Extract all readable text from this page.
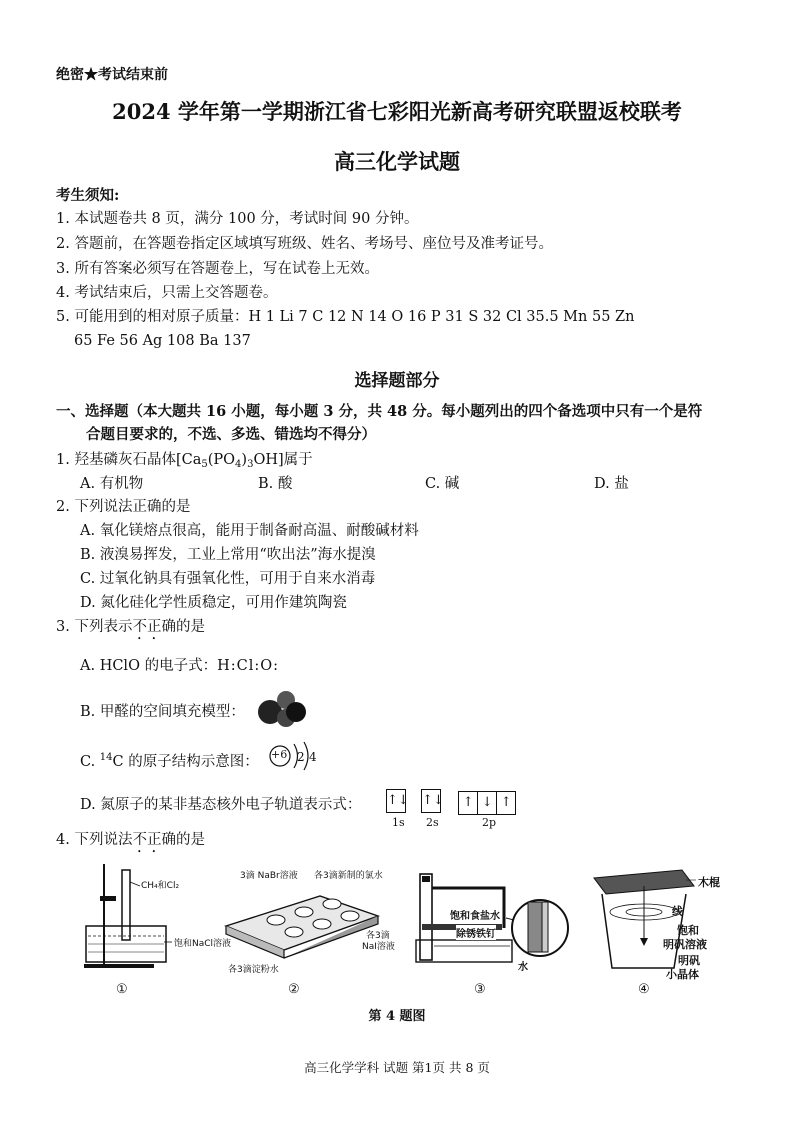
绝密★考试结束前
2024 学年第一学期浙江省七彩阳光新高考研究联盟返校联考
高三化学试题
考生须知:
1. 本试题卷共 8 页，满分 100 分，考试时间 90 分钟。
2. 答题前，在答题卷指定区域填写班级、姓名、考场号、座位号及准考证号。
3. 所有答案必须写在答题卷上，写在试卷上无效。
4. 考试结束后，只需上交答题卷。
5. 可能用到的相对原子质量：H 1 Li 7 C 12 N 14 O 16 P 31 S 32 Cl 35.5 Mn 55 Zn
65 Fe 56 Ag 108 Ba 137
选择题部分
一、选择题（本大题共 16 小题，每小题 3 分，共 48 分。每小题列出的四个备选项中只有一个是符
合题目要求的，不选、多选、错选均不得分）
1. 羟基磷灰石晶体$[Ca_5(PO_4)_3OH]$属于
A. 有机物	B. 酸	C. 碱	D. 盐
2. 下列说法正确的是
A. 氧化镁熔点很高，能用于制备耐高温、耐酸碱材料
B. 液溴易挥发，工业上常用“吹出法”海水提溴
C. 过氧化钠具有强氧化性，可用于自来水消毒
D. 氮化硅化学性质稳定，可用作建筑陶瓷
3. 下列表示不正确的是
A. HClO 的电子式：H:Cl:O:
B. 甲醛的空间填充模型：
C. $^{14}$C 的原子结构示意图： +6 2 4
D. 氮原子的某非基态核外电子轨道表示式： ↑↓ ↑↓	↑ ↓ ↑
1s 2s	2p
4. 下列说法不正确的是
CH₄和Cl₂
饱和NaCl溶液
①
3滴 NaBr溶液 各3滴新制的氯水
各3滴
NaI溶液
各3滴淀粉水
②
饱和食盐水
除锈铁钉
水
③
木棍
线
饱和
明矾溶液
明矾
小晶体
④
第 4 题图
高三化学学科 试题 第1页 共 8 页
